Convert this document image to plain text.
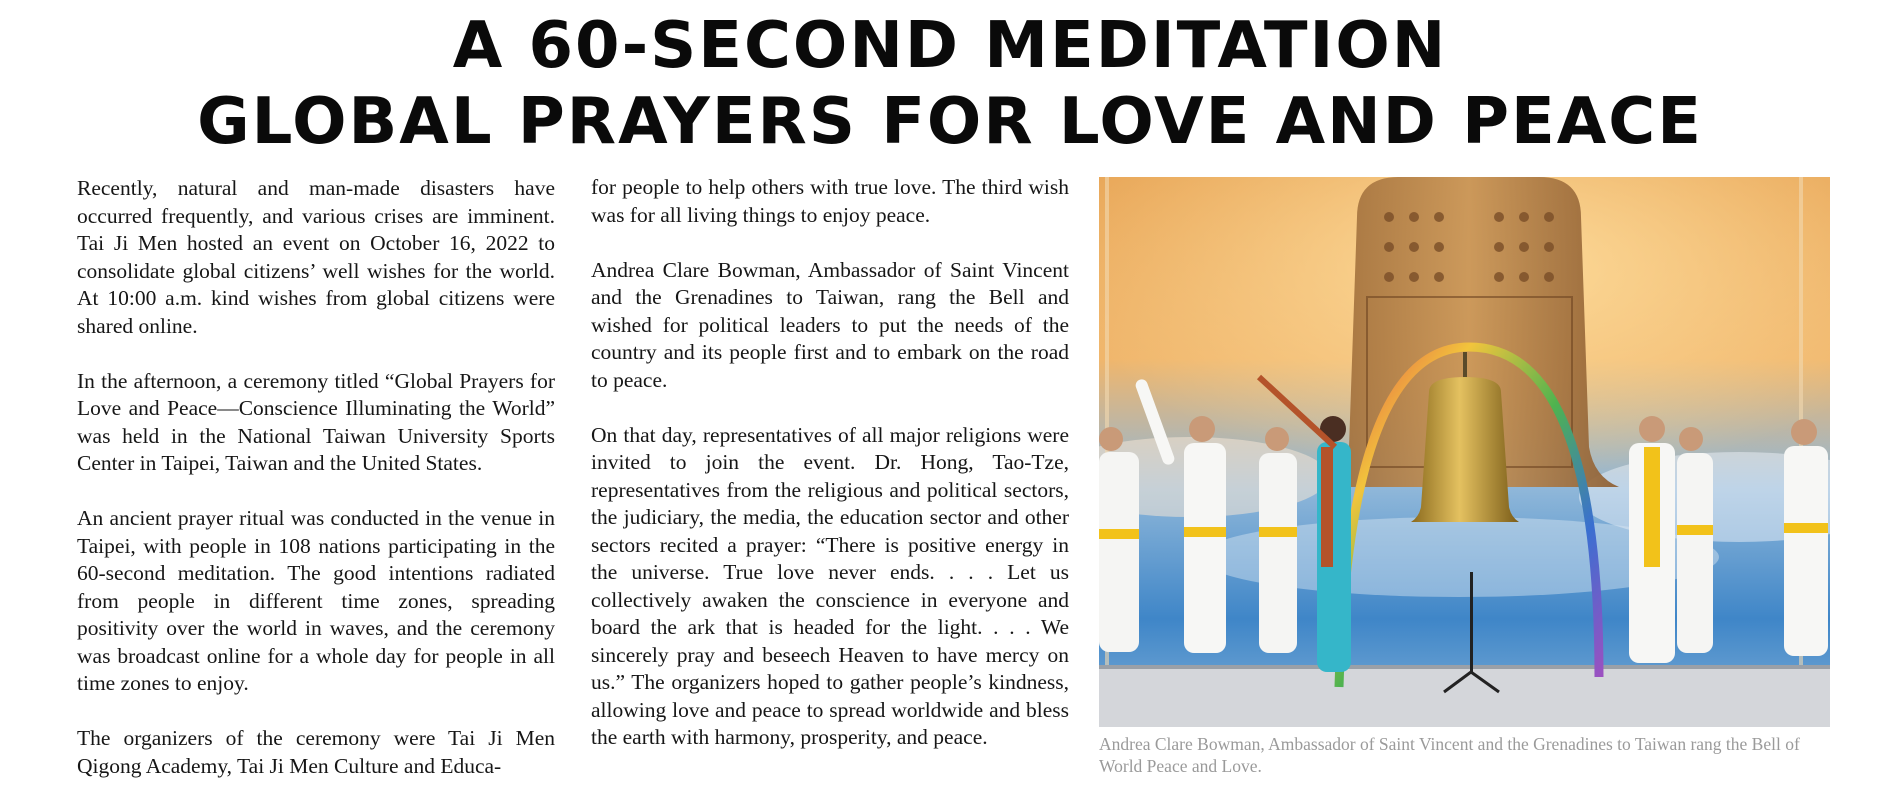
A 60-SECOND MEDITATION
GLOBAL PRAYERS FOR LOVE AND PEACE

Recently, natural and man-made disasters have occurred frequently, and various crises are imminent. Tai Ji Men hosted an event on October 16, 2022 to consolidate global citizens’ well wishes for the world. At 10:00 a.m. kind wishes from global citizens were shared online.

In the afternoon, a ceremony titled “Global Prayers for Love and Peace—Conscience Illuminating the World” was held in the National Taiwan University Sports Center in Taipei, Taiwan and the United States.

An ancient prayer ritual was conducted in the venue in Taipei, with people in 108 nations participating in the 60-second meditation. The good intentions radiated from people in different time zones, spreading positivity over the world in waves, and the ceremony was broadcast online for a whole day for people in all time zones to enjoy.

The organizers of the ceremony were Tai Ji Men Qigong Academy, Tai Ji Men Culture and Educa-

for people to help others with true love. The third wish was for all living things to enjoy peace.

Andrea Clare Bowman, Ambassador of Saint Vincent and the Grenadines to Taiwan, rang the Bell and wished for political leaders to put the needs of the country and its people first and to embark on the road to peace.

On that day, representatives of all major religions were invited to join the event. Dr. Hong, Tao-Tze, representatives from the religious and political sectors, the judiciary, the media, the education sector and other sectors recited a prayer: “There is positive energy in the universe. True love never ends. . . . Let us collectively awaken the conscience in everyone and board the ark that is headed for the light. . . . We sincerely pray and beseech Heaven to have mercy on us.” The organizers hoped to gather people’s kindness, allowing love and peace to spread worldwide and bless the earth with harmony, prosperity, and peace.	Andrea Clare Bowman, Ambassador of Saint Vincent and the Grenadines to Taiwan rang the Bell of World Peace and Love.
